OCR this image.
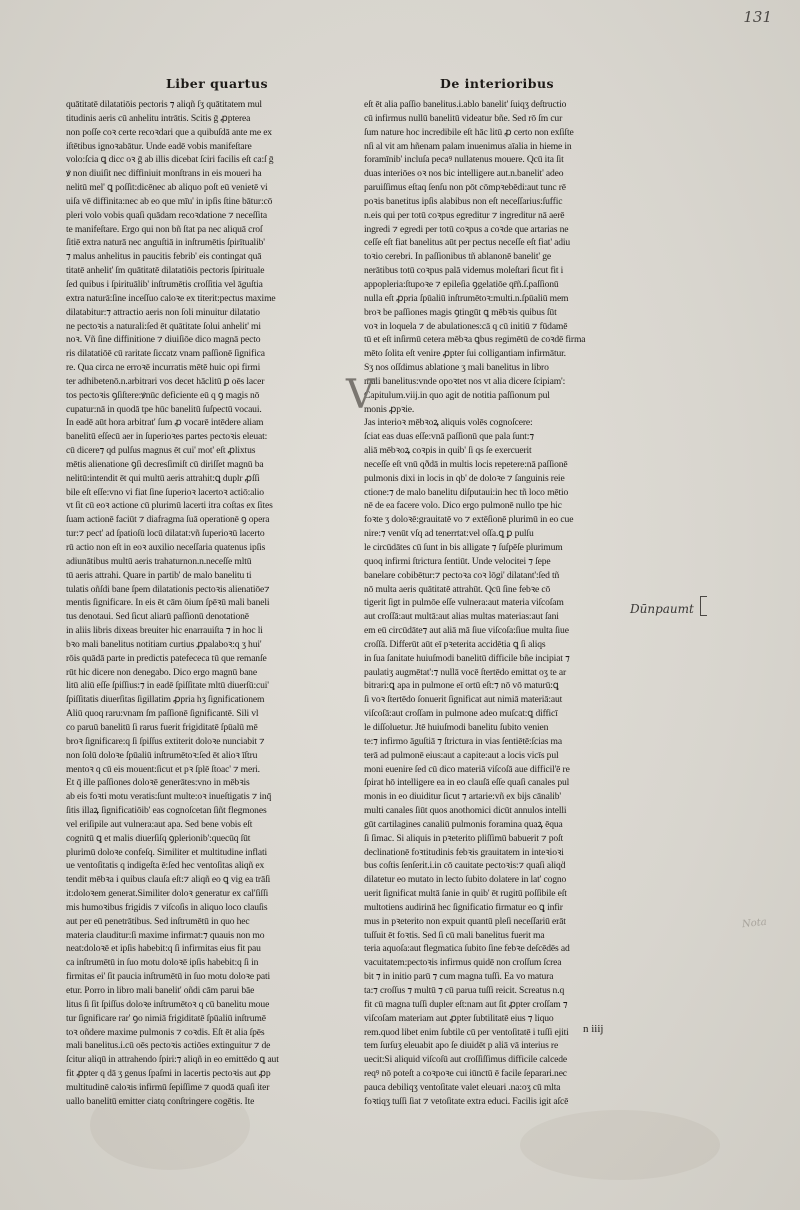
131
Liber quartus	De interioribus
quātitatē dilatatiōis pectoris ⁊ aliqñ ſʒ quātitatem mul
titudinis aeris cū anhelitu intrātis. Scitis ḡ ꝓpterea
non poſſe coꝛ certe recoꝛdari que a quibuſdā ante me ex
iſtētibus ignoꝛabātur. Unde eadē vobis manifeſtare
volo:ſcia ꝗ dicc oꝛ ḡ ab illis dicebat ſciri facilis eſt ca:ſ ḡ
ꝟ non diuiſit nec diffiniuit monſtrans in eis moueri ha
nelitū mel' ꝗ poſſit:dicēnec ab aliquo poſt eū venietē vi
uiſa vē diffinita:nec ab eo que mīu' in ipſis ſtine bātur:cō
pleri volo vobis quaſi quādam recoꝛdatione ⁊ neceſſita
te manifeſtare. Ergo qui non bñ ſtat pa nec aliquā croſ
ſitiē extra naturā nec anguſtiā in inſtrumētis ſpirītualib'
⁊ malus anhelitus in paucitis febrib' eis contingat quā
titatē anhelit' ſm quātitatē dilatatiōis pectoris ſpirituale
ſed quibus i ſpirituālib' inſtrumētis croſſitia vel āguſtia
extra naturā:ſine inceſſuo caloꝛe ex titerit:pectus maxime
dilatabitur:⁊ attractio aeris non ſoli minuitur dilatatio
ne pectoꝛis a naturali:ſed ēt quātitate ſolui anhelit' mi
noꝛ. Vñ ſine diffinitione ⁊ diuiſiōe dico magnā pecto
ris dilatatiōē cū raritate ſiccatz vnam paſſionē ſignifica
re. Qua circa ne erroꝛē incurratis mētē huic opi firmi
ter adhibetenō.n.arbitrari vos decet hāclitū ꝑ oēs lacer
tos pectoꝛis ꝯſiſtere:ꝟnūc deficiente eū q ꝯ magis nō
cupatur:nā in quodā tpe hūc banelitū ſuſpectū vocaui.
In eadē aūt hora arbitrat' ſum ꝓ vocarē intēdere aliam
banelitū eſſecū aer in ſuperioꝛes partes pectoꝛis eleuat:
cū dicere⁊ qd pulſus magnus ēt cui' mot' eſt ꝓlixtus
mētis alienatione ꝯſi decresſimiſt cū diriſſet magnū ba
nelitū:intendit ēt qui multū aeris attrahit:ꝗ duplr ꝓſſi
bile eſt eſſe:vno vi fiat ſine ſuperioꝛ lacertoꝛ actiō:alio
vt ſit cū eoꝛ actione cū plurimū lacerti itra coſtas ex ſites
ſuam actionē faciūt ⁊ diafragma ſuā operationē ꝯ opera
tur:⁊ pect' ad ſpatioſū locū dilatat:vñ ſuperioꝛū lacerto
rū actio non eſt in eoꝛ auxilio neceſſaria quatenus ipſis
adiunātibus multū aeris trahaturnon.n.neceſſe mltū
tū aeris attrahi. Quare in partib' de malo banelitu ti
tulatis oñſdi bane ſpem dilatationis pectoꝛis alienatiōe⁊
mentis ſignificare. In eis ēt cām ōium ſpēꝛū mali baneli
tus denotaui. Sed ſicut aliarū paſſionū denotationē
in aliis libris dixeas breuiter hic enarrauiſta ⁊ in hoc li
bꝛo mali banelitus notitiam curtius ꝓpalaboꝛ:q ʒ hui'
rōis quādā parte in predictis patefececa tū que remanſe
rūt hic dicere non denegabo. Dico ergo magnū bane
litū aliū eſſe ſpiſſius:⁊ in eadē ſpiſſitate mltū diuerſū:cui'
ſpiſſitatis diuerſitas ſigillatim ꝓpria hʒ ſignificationem
Aliū quoq raru:vnam ſm paſſionē ſignificantē. Sili vl
co paruū banelitū ſi rarus fuerit frigiditatē ſpūalū mē
broꝛ ſignificare:q ſi ſpiſſus extiterit doloꝛe nunciabit ⁊
non ſolū doloꝛe ſpūaliū inſtrumētoꝛ:ſed ēt alioꝛ īſtru
mentoꝛ q cū eis mouent:ſicut et pꝛ ſplē ſtoac' ⁊ meri.
Et q̄ ille paſſiones doloꝛē generātes:vno in mēbꝛis
ab eis foꝛti motu veratis:ſunt multe:oꝛ inueſtigatis ⁊ inq̄
ſitis illaꝝ ſignificatiōib' eas cognoſcetan ſiñt flegmones
vel eriſipile aut vulnera:aut apa. Sed bene vobis eſt
cognitū ꝗ et malis diuerſiſq ꝯplerionib':quecūq ſūt
plurimū doloꝛe confeſq. Similiter et multitudine inflati
ue ventoſitatis q indigeſta ē:ſed hec ventoſitas aliqñ ex
tendit mēbꝛa i quibus clauſa eſt:⁊ aliqñ eo ꝗ vig ea trāſi
it:doloꝛem generat.Similiter doloꝛ generatur ex cal'ſiſſi
mis humoꝛibus frigidis ⁊ viſcoſis in aliquo loco clauſis
aut per eū penetrātibus. Sed inſtrumētū in quo hec
materia clauditur:ſi maxime infirmat:⁊ quauis non mo
neat:doloꝛē et ipſis habebit:q ſi infirmitas eius fit pau
ca inſtrumētū in ſuo motu doloꝛē ipſis habebit:q ſi in
firmitas ei' ſit paucia inſtrumētū in ſuo motu doloꝛe pati
etur. Porro in libro mali banelit' oñdi cām parui bāe
litus ſi ſit ſpiſſus doloꝛe inſtrumētoꝛ q cū banelitu moue
tur ſignificare rar' ꝯo nimiā frigiditatē ſpūaliū inſtrumē
toꝛ oñdere maxime pulmonis ⁊ coꝛdis. Eſt ēt alia ſpēs
mali banelitus.i.cū oēs pectoꝛis actiōes extinguitur ⁊ de
ſcitur aliqū in attrahendo ſpiri:⁊ aliqñ in eo emittēdo ꝗ aut
fit ꝓpter q dā ʒ genus ſpaſmi in lacertis pectoꝛis aut ꝓp
multitudinē caloꝛis infirmū ſepiſſime ⁊ quodā quaſi iter
uallo banelitū emitter ciatq conſtringere cogētis. Ite
eſt ēt alia paſſio banelitus.i.ablo banelit' ſuiqʒ deſtructio
cū infirmus nullū banelitū videatur bñe. Sed rō ſm cur
ſum nature hoc incredibile eſt hāc litū ꝓ certo non exſiſte
nſi al vit am hñenam palam inuenimus aīalia in hieme in
foramīnib' incluſa pecaꝰ nullatenus mouere. Qcū ita ſit
duas interiōes oꝛ nos bic intelligere aut.n.banelit' adeo
paruiſſimus eſtaq ſenſu non pōt cōmpꝛebēdi:aut tunc rē
poꝛis banetitus ipſis alabibus non eſt neceſſarius:ſuffic
n.eis qui per totū coꝛpus egreditur ⁊ ingreditur nā aerē
ingredi ⁊ egredi per totū coꝛpus a coꝛde que artarias ne
ceſſe eſt fiat banelitus aūt per pectus neceſſe eſt fiat' adiu
toꝛio cerebri. In paſſionibus tñ ablanonē banelit' ge
nerātibus totū coꝛpus palā videmus moleſtari ſicut fit i
appopleria:ſtupoꝛe ⁊ epileſia ꝯgelatiōe qr̄ñ.ſ.paſſionū
nulla eſt ꝓpria ſpūaliū inſtrumētoꝛ:multi.n.ſpūaliū mem
broꝛ be paſſiones magis ꝯtingūt ꝗ mēbꝛis quibus ſūt
voꝛ in loquela ⁊ de abulationes:cā q cū initiū ⁊ fūdamē
tū et eſt inſirmū cetera mēbꝛa ꝗbus regimētū de coꝛdē firma
mēto ſolita eſt venire ꝓpter ſui colligantiam infirmātur.
Sʒ nos oſſdimus ablatione ʒ mali banelitus in libro
mali banelitus:vnde opoꝛtet nos vt alia dicere ſcipiam':
Capitulum.viij.in quo agit de notitia paſſionum pul
monis ꝓpꝛie.
Jas interioꝛ mēbꝛoꝝ aliquis volēs cognoſcere:
ſciat eas duas eſſe:vnā paſſionū que pala ſunt:⁊
aliā mēbꝛoꝝ coꝛpis in quib' ſi qs ſe exercuerit
neceſſe eſt vnū qðdā in multis locis repetere:nā paſſionē
pulmonis dixi in locis in qb' de doloꝛe ⁊ ſanguinis reie
ctione:⁊ de malo banelitu diſputaui:in hec tñ loco mētio
nē de ea facere volo. Dico ergo pulmonē nullo tpe hic
foꝛte ʒ doloꝛē:grauitatē vo ⁊ extēſionē plurimū in eo cue
nire:⁊ venūt vſq ad tenerrtat:vel oſſa.ꝗ ꝑ pulſu
le circūdātes cū ſunt in bis alligate ⁊ ſuſpēſe plurimum
quoq infirmi ſtrictura ſentiūt. Unde velocitei ⁊ ſepe
banelare cobibētur:⁊ pectoꝛa coꝛ lōgi' dilatant':ſed tñ
nō multa aeris quātitatē attrahūt. Qcū ſine febꝛe cō
tigerit ſigt in pulmōe eſſe vulnera:aut materia viſcoſam
aut croſſā:aut multā:aut alias multas materias:aut ſani
em eū circūdāte⁊ aut aliā mā ſiue viſcoſa:ſiue multa ſiue
croſſā. Differūt aūt eī pꝛeterita accidētia ꝗ ſi aliqs
in ſua ſanitate huiuſmodi banelitū difficile bñe incipiat ⁊
paulatiʒ augmētat':⁊ nullā vocē ſtertēdo emittat oʒ te ar
bitrari:ꝗ apa in pulmone eī ortū eſt:⁊ nō vō maturū:ꝗ
ſi voꝛ ſtertēdo ſonuerit ſignificat aut nimiā materiā:aut
viſcoſā:aut croſſam in pulmone adeo muſcat:ꝗ difficī
le diſſoluetur. Jtē huiuſmodi banelitu ſubito venien
te:⁊ infirmo āguſtiā ⁊ ſtrictura in vias ſentiētē:ſcias ma
terā ad pulmonē eius:aut a capite:aut a locis vicīs pul
moni euenire ſed cū dico materiā viſcoſā aue difficil'ē re
ſpirat hō intelligere ea in eo clauſā eſſe quaſi canales pul
monis in eo diuiditur ſicut ⁊ artarie:vñ ex bijs cānalib'
multi canales ſiūt quos anothomici dicūt annulos intelli
gūt cartilagines canaliū pulmonis foramina quaꝝ ēqua
ſi ſimac. Si aliquis in pꝛeterito pliſſimū babuerit ⁊ poſt
declinationē foꝛtitudinis febꝛis grauitatem in inteꝛioꝛi
bus coſtis ſenſerit.i.in cō cauitate pectoꝛis:⁊ quaſi aliqḋ
dilatetur eo mutato in lecto ſubito dolatere in lat' cogno
uerit ſignificat multā ſanie in quib' ēt rugitū poſſibile eſt
multotiens audirinā hec ſignificatio firmatur eo ꝗ infir
mus in pꝛeterito non expuit quantū pleſi neceſſariū erāt
tuſſuit ēt foꝛtis. Sed ſi cū mali banelitus fuerit ma
teria aquoſa:aut flegmatica ſubito ſine febꝛe deſcēdēs ad
vacuitatem:pectoꝛis infirmus quidē non croſſum ſcrea
bit ⁊ in initio parū ⁊ cum magna tuſſi. Ea vo matura
ta:⁊ croſſus ⁊ multū ⁊ cū parua tuſſi reicit. Screatus n.q
fit cū magna tuſſi dupler eſt:nam aut ſit ꝓpter croſſam ⁊
viſcoſam materiam aut ꝓpter ſubtilitatē eius ⁊ liquo
rem.quod libet enim ſubtile cū per ventoſitatē i tuſſi ejiti
tem ſurſuʒ eleuabit apo ſe diuidēt p aliā vā interius re
uecit:Si aliquid viſcoſū aut croſſiſſimus difficile calcede
reqꝰ nō poteſt a coꝛpoꝛe cui iūnctū ē facile ſeparari.nec
pauca debiliqʒ ventoſitate valet eleuari .na:oʒ cū mlta
foꝛtiqʒ tuſſi ſiat ⁊ vetoſitate extra educi. Facilis igit aſcē
V
n iiij
Dūnpaumt
Nota
